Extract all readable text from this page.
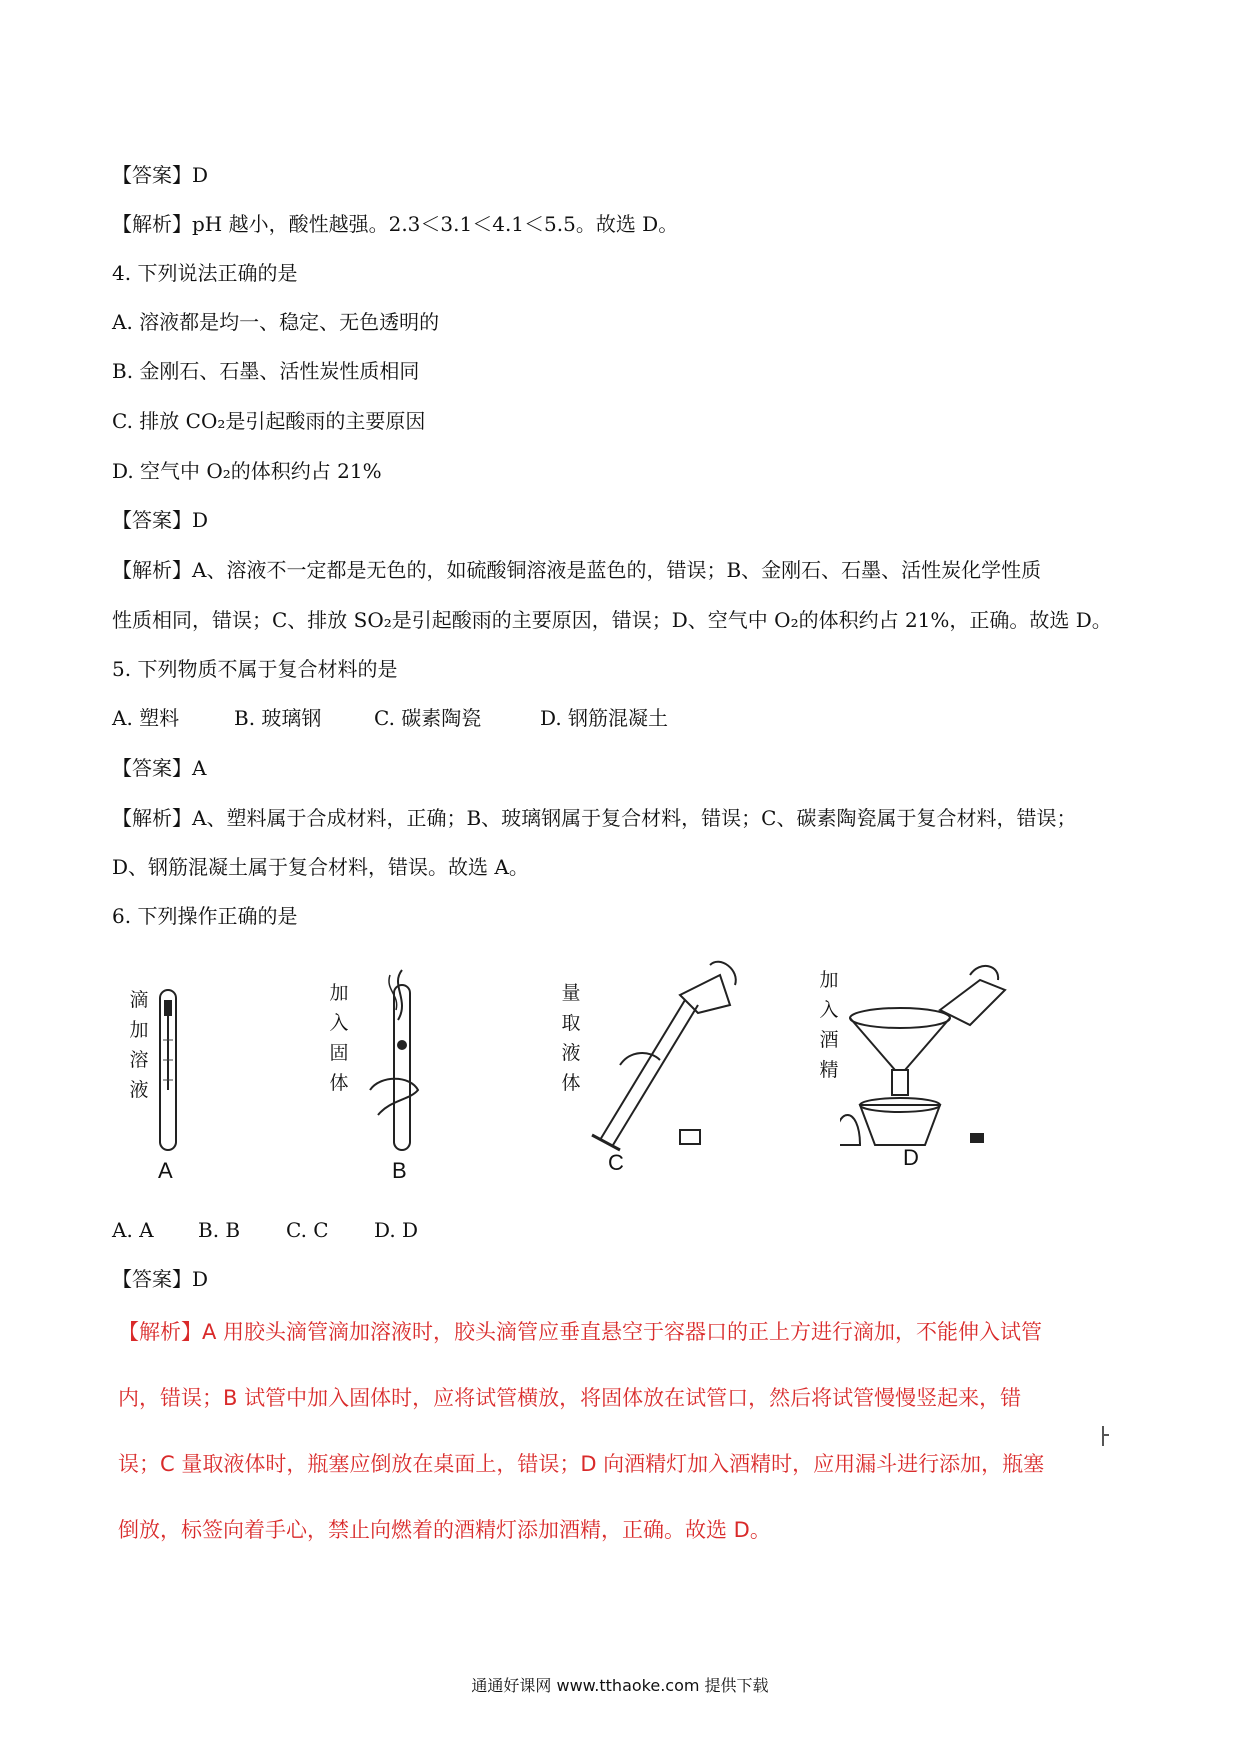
【答案】D
【解析】pH 越小，酸性越强。2.3＜3.1＜4.1＜5.5。故选 D。
4. 下列说法正确的是
A. 溶液都是均一、稳定、无色透明的
B. 金刚石、石墨、活性炭性质相同
C. 排放 CO₂是引起酸雨的主要原因
D. 空气中 O₂的体积约占 21%
【答案】D
【解析】A、溶液不一定都是无色的，如硫酸铜溶液是蓝色的，错误；B、金刚石、石墨、活性炭化学性质
性质相同，错误；C、排放 SO₂是引起酸雨的主要原因，错误；D、空气中 O₂的体积约占 21%，正确。故选 D。
5. 下列物质不属于复合材料的是
A. 塑料	B. 玻璃钢	C. 碳素陶瓷	D. 钢筋混凝土
【答案】A
【解析】A、塑料属于合成材料，正确；B、玻璃钢属于复合材料，错误；C、碳素陶瓷属于复合材料，错误；
D、钢筋混凝土属于复合材料，错误。故选 A。
6. 下列操作正确的是
滴加溶液
A
加入固体
B
量取液体
C
加入酒精
D
A. A B. B C. C D. D
【答案】D
【解析】A 用胶头滴管滴加溶液时，胶头滴管应垂直悬空于容器口的正上方进行滴加，不能伸入试管
内，错误；B 试管中加入固体时，应将试管横放，将固体放在试管口，然后将试管慢慢竖起来，错
误；C 量取液体时，瓶塞应倒放在桌面上，错误；D 向酒精灯加入酒精时，应用漏斗进行添加，瓶塞
倒放，标签向着手心，禁止向燃着的酒精灯添加酒精，正确。故选 D。
通通好课网 www.tthaoke.com 提供下载
